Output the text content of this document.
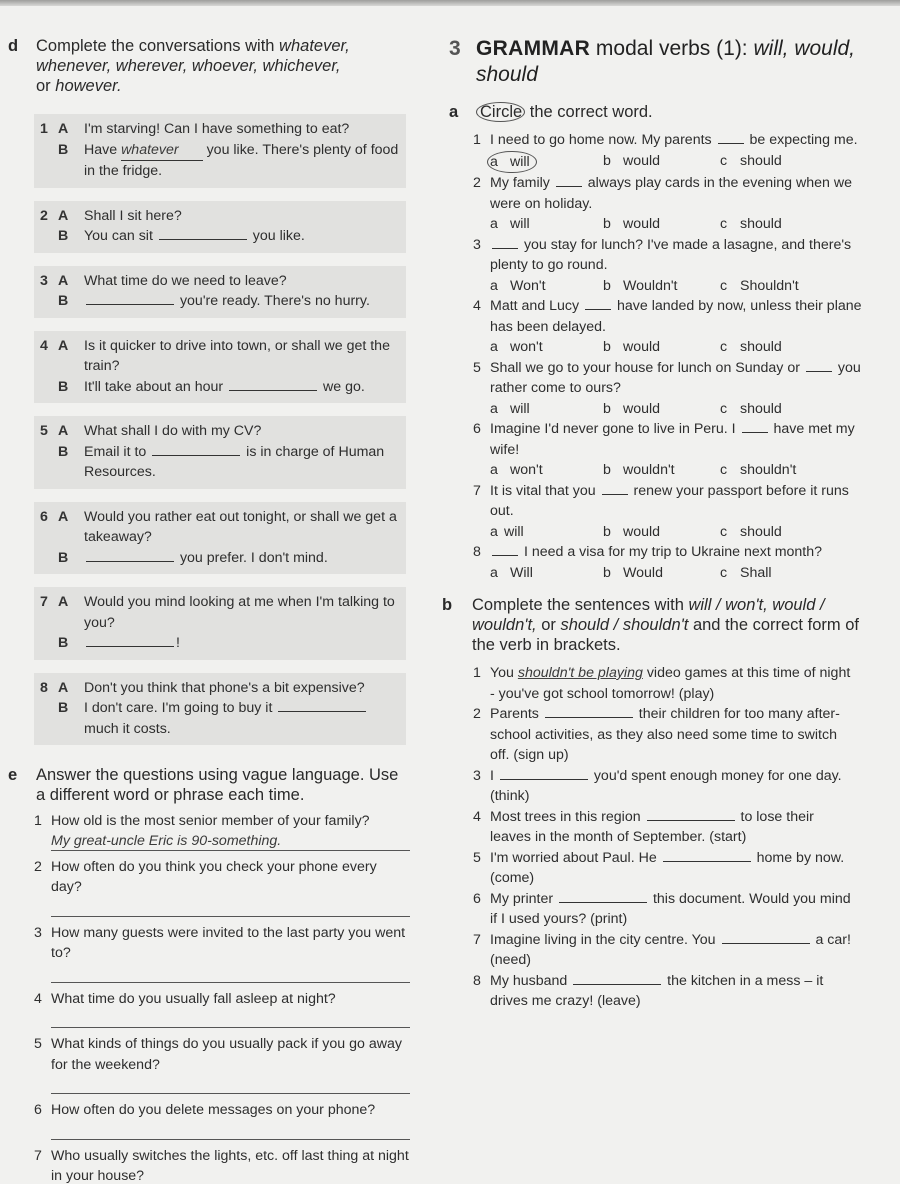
d	Complete the conversations with whatever,
whenever, wherever, whoever, whichever,
or however.
1 A	I'm starving! Can I have something to eat?
B	Have whatever you like. There's plenty of food in the fridge.
2 A	Shall I sit here?
B	You can sit	you like.
3 A	What time do we need to leave?
B	you're ready. There's no hurry.
4 A	Is it quicker to drive into town, or shall we get the train?
B	It'll take about an hour	we go.
5 A	What shall I do with my CV?
B	Email it to	is in charge of Human Resources.
6 A	Would you rather eat out tonight, or shall we get a takeaway?
B	you prefer. I don't mind.
7 A	Would you mind looking at me when I'm talking to you?
B	!
8 A	Don't you think that phone's a bit expensive?
B	I don't care. I'm going to buy it  much it costs.
e	Answer the questions using vague language. Use a different word or phrase each time.
1 How old is the most senior member of your family?
My great-uncle Eric is 90-something.
2 How often do you think you check your phone every day?
3 How many guests were invited to the last party you went to?
4 What time do you usually fall asleep at night?
5 What kinds of things do you usually pack if you go away for the weekend?
6 How often do you delete messages on your phone?
7 Who usually switches the lights, etc. off last thing at night in your house?
3 GRAMMAR modal verbs (1): will, would,
should
a	Circle the correct word.
1 I need to go home now. My parents  be expecting me.
a will	b would	c should
2 My family  always play cards in the evening when we were on holiday.
a will	b would	c should
3	you stay for lunch? I've made a lasagne, and there's plenty to go round.
a Won't	b Wouldn't	c Shouldn't
4 Matt and Lucy  have landed by now, unless their plane has been delayed.
a won't	b would	c should
5 Shall we go to your house for lunch on Sunday or  you rather come to ours?
a will	b would	c should
6 Imagine I'd never gone to live in Peru. I  have met my wife!
a won't	b wouldn't	c shouldn't
7 It is vital that you  renew your passport before it runs out.
a will	b would	c should
8	I need a visa for my trip to Ukraine next month?
a Will	b Would	c Shall
b	Complete the sentences with will / won't, would / wouldn't, or should / shouldn't and the correct form of the verb in brackets.
1 You shouldn't be playing video games at this time of night - you've got school tomorrow! (play)
2 Parents	their children for too many after-school activities, as they also need some time to switch off. (sign up)
3 I	you'd spent enough money for one day. (think)
4 Most trees in this region	to lose their leaves in the month of September. (start)
5 I'm worried about Paul. He	home by now. (come)
6 My printer	this document. Would you mind if I used yours? (print)
7 Imagine living in the city centre. You	a car! (need)
8 My husband	the kitchen in a mess – it drives me crazy! (leave)
